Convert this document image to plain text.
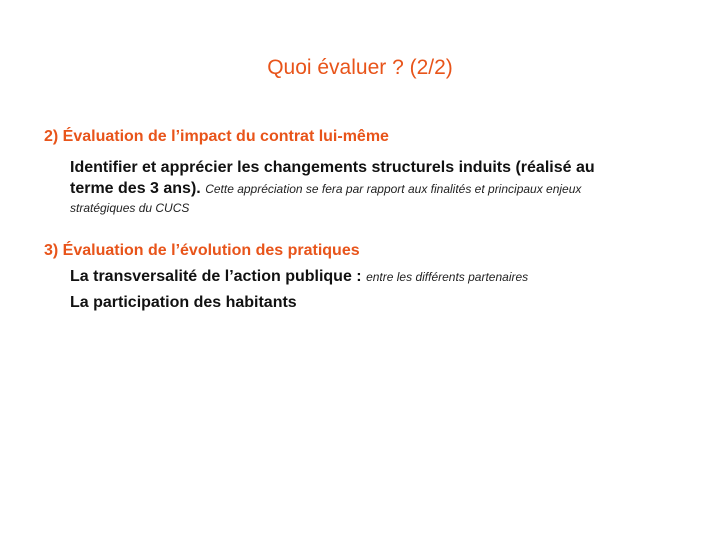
Quoi évaluer ? (2/2)
2) Évaluation de l’impact du contrat lui-même
Identifier et apprécier les changements structurels induits (réalisé au
terme des 3 ans). Cette appréciation se fera par rapport aux finalités et principaux enjeux
stratégiques du CUCS
3) Évaluation de l’évolution des pratiques
La transversalité de l’action publique : entre les différents partenaires
La participation des habitants
